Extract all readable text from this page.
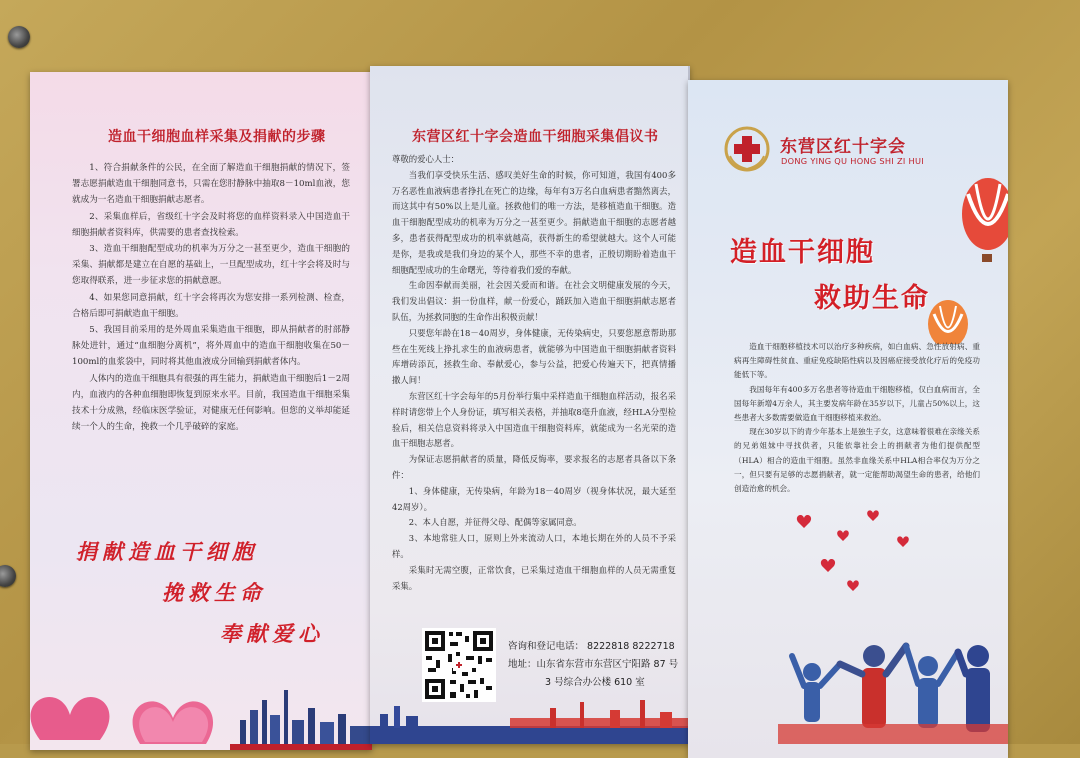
造血干细胞血样采集及捐献的步骤

1、符合捐献条件的公民，在全面了解造血干细胞捐献的情况下，签署志愿捐献造血干细胞同意书，只需在您肘静脉中抽取8－10ml血液，您就成为一名造血干细胞捐献志愿者。

2、采集血样后，省级红十字会及时将您的血样资料录入中国造血干细胞捐献者资料库，供需要的患者查找检索。

3、造血干细胞配型成功的机率为万分之一甚至更少，造血干细胞的采集、捐献都是建立在自愿的基础上，一旦配型成功，红十字会将及时与您取得联系，进一步征求您的捐献意愿。

4、如果您同意捐献，红十字会将再次为您安排一系列检测、检查，合格后即可捐献造血干细胞。

5、我国目前采用的是外周血采集造血干细胞，即从捐献者的肘部静脉处进针，通过“血细胞分离机”，将外周血中的造血干细胞收集在50－100ml的血浆袋中，同时将其他血液成分回输到捐献者体内。

人体内的造血干细胞具有很强的再生能力，捐献造血干细胞后1－2周内，血液内的各种血细胞即恢复到原来水平。目前，我国造血干细胞采集技术十分成熟，经临床医学验证，对健康无任何影响。但您的义举却能延续一个人的生命，挽救一个几乎破碎的家庭。

捐献造血干细胞
挽救生命
奉献爱心
东营区红十字会造血干细胞采集倡议书

尊敬的爱心人士：

当我们享受快乐生活、感叹美好生命的时候，你可知道，我国有400多万名恶性血液病患者挣扎在死亡的边缘，每年有3万名白血病患者黯然离去，而这其中有50%以上是儿童。拯救他们的唯一方法，是移植造血干细胞。造血干细胞配型成功的机率为万分之一甚至更少。捐献造血干细胞的志愿者越多，患者获得配型成功的机率就越高，获得新生的希望就越大。这个人可能是你，是我或是我们身边的某个人，那些不幸的患者，正殷切期盼着造血干细胞配型成功的生命曙光，等待着我们爱的奉献。

生命因奉献而美丽，社会因关爱而和谐。在社会文明健康发展的今天，我们发出倡议：捐一份血样，献一份爱心，踊跃加入造血干细胞捐献志愿者队伍，为拯救同胞的生命作出积极贡献！

只要您年龄在18－40周岁，身体健康，无传染病史，只要您愿意帮助那些在生死线上挣扎求生的血液病患者，就能够为中国造血干细胞捐献者资料库增砖添瓦，拯救生命、奉献爱心，参与公益，把爱心传遍天下，把真情播撒人间！

东营区红十字会每年的5月份举行集中采样造血干细胞血样活动，报名采样时请您带上个人身份证，填写相关表格，并抽取8毫升血液，经HLA分型检验后，相关信息资料将录入中国造血干细胞资料库，就能成为一名光荣的造血干细胞志愿者。

为保证志愿捐献者的质量，降低反悔率，要求报名的志愿者具备以下条件：

1、身体健康，无传染病，年龄为18－40周岁（视身体状况，最大延至42周岁）。

2、本人自愿，并征得父母、配偶等家属同意。

3、本地常驻人口，原则上外来流动人口，本地长期在外的人员不予采样。

采集时无需空腹，正常饮食，已采集过造血干细胞血样的人员无需重复采集。

咨询和登记电话： 8222818 8222718
地址：山东省东营市东营区宁阳路 87 号
3 号综合办公楼 610 室
东营区红十字会
DONG YING QU HONG SHI ZI HUI
造血干细胞
救助生命

造血干细胞移植技术可以治疗多种疾病，如白血病、急性放射病、重病再生障碍性贫血、重症免疫缺陷性病以及因癌症接受放化疗后的免疫功能低下等。

我国每年有400多万名患者等待造血干细胞移植，仅白血病而言，全国每年新增4万余人，其主要发病年龄在35岁以下，儿童占50%以上，这些患者大多数需要做造血干细胞移植来救治。

现在30岁以下的青少年基本上是独生子女，这意味着很难在亲缘关系的兄弟姐妹中寻找供者，只能依靠社会上的捐献者为他们提供配型（HLA）相合的造血干细胞。虽然非血缘关系中HLA相合率仅为万分之一，但只要有足够的志愿捐献者，就一定能帮助渴望生命的患者，给他们创造治愈的机会。
